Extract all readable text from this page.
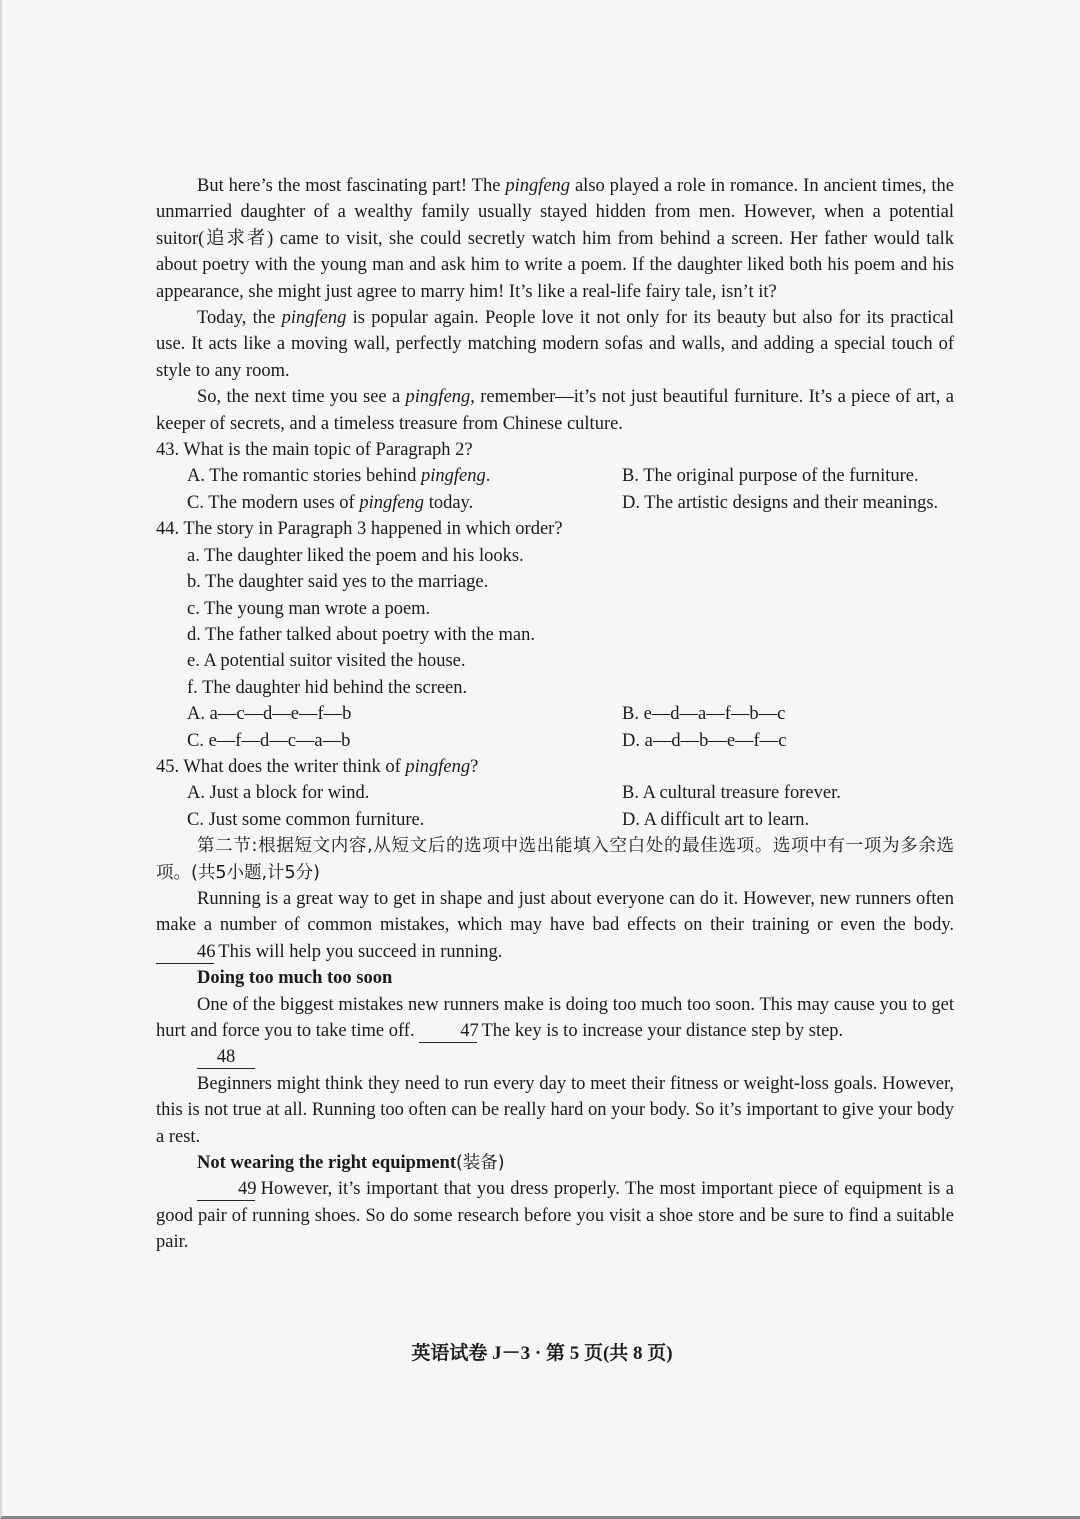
But here’s the most fascinating part! The pingfeng also played a role in romance. In ancient times, the unmarried daughter of a wealthy family usually stayed hidden from men. However, when a potential suitor(追求者) came to visit, she could secretly watch him from behind a screen. Her father would talk about poetry with the young man and ask him to write a poem. If the daughter liked both his poem and his appearance, she might just agree to marry him! It’s like a real-life fairy tale, isn’t it?

Today, the pingfeng is popular again. People love it not only for its beauty but also for its practical use. It acts like a moving wall, perfectly matching modern sofas and walls, and adding a special touch of style to any room.

So, the next time you see a pingfeng, remember—it’s not just beautiful furniture. It’s a piece of art, a keeper of secrets, and a timeless treasure from Chinese culture.

43. What is the main topic of Paragraph 2?
A. The romantic stories behind pingfeng.	B. The original purpose of the furniture.
C. The modern uses of pingfeng today.	D. The artistic designs and their meanings.
44. The story in Paragraph 3 happened in which order?
a. The daughter liked the poem and his looks.
b. The daughter said yes to the marriage.
c. The young man wrote a poem.
d. The father talked about poetry with the man.
e. A potential suitor visited the house.
f. The daughter hid behind the screen.
A. a—c—d—e—f—b	B. e—d—a—f—b—c
C. e—f—d—c—a—b	D. a—d—b—e—f—c
45. What does the writer think of pingfeng?
A. Just a block for wind.	B. A cultural treasure forever.
C. Just some common furniture.	D. A difficult art to learn.

第二节:根据短文内容,从短文后的选项中选出能填入空白处的最佳选项。选项中有一项为多余选项。(共5小题,计5分)

Running is a great way to get in shape and just about everyone can do it. However, new runners often make a number of common mistakes, which may have bad effects on their training or even the body. 46 This will help you succeed in running.

Doing too much too soon

One of the biggest mistakes new runners make is doing too much too soon. This may cause you to get hurt and force you to take time off. 47 The key is to increase your distance step by step.

48

Beginners might think they need to run every day to meet their fitness or weight-loss goals. However, this is not true at all. Running too often can be really hard on your body. So it’s important to give your body a rest.

Not wearing the right equipment(装备)

49 However, it’s important that you dress properly. The most important piece of equipment is a good pair of running shoes. So do some research before you visit a shoe store and be sure to find a suitable pair.

英语试卷 J－3 · 第 5 页(共 8 页)
